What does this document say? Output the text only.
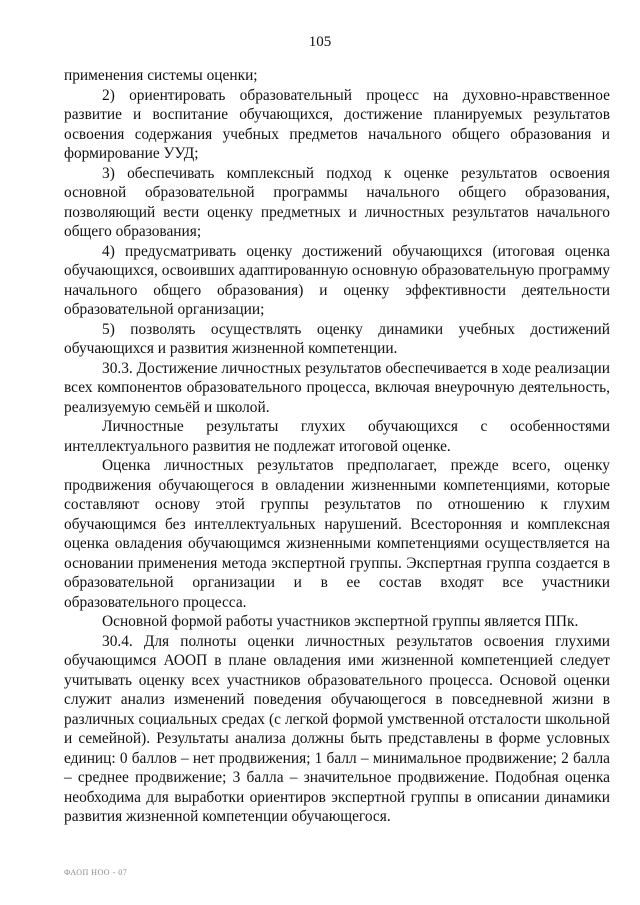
105

применения системы оценки;

2) ориентировать образовательный процесс на духовно-нравственное развитие и воспитание обучающихся, достижение планируемых результатов освоения содержания учебных предметов начального общего образования и формирование УУД;

3) обеспечивать комплексный подход к оценке результатов освоения основной образовательной программы начального общего образования, позволяющий вести оценку предметных и личностных результатов начального общего образования;

4) предусматривать оценку достижений обучающихся (итоговая оценка обучающихся, освоивших адаптированную основную образовательную программу начального общего образования) и оценку эффективности деятельности образовательной организации;

5) позволять осуществлять оценку динамики учебных достижений обучающихся и развития жизненной компетенции.

30.3. Достижение личностных результатов обеспечивается в ходе реализации всех компонентов образовательного процесса, включая внеурочную деятельность, реализуемую семьёй и школой.

Личностные результаты глухих обучающихся с особенностями интеллектуального развития не подлежат итоговой оценке.

Оценка личностных результатов предполагает, прежде всего, оценку продвижения обучающегося в овладении жизненными компетенциями, которые составляют основу этой группы результатов по отношению к глухим обучающимся без интеллектуальных нарушений. Всесторонняя и комплексная оценка овладения обучающимся жизненными компетенциями осуществляется на основании применения метода экспертной группы. Экспертная группа создается в образовательной организации и в ее состав входят все участники образовательного процесса.

Основной формой работы участников экспертной группы является ППк.

30.4. Для полноты оценки личностных результатов освоения глухими обучающимся АООП в плане овладения ими жизненной компетенцией следует учитывать оценку всех участников образовательного процесса. Основой оценки служит анализ изменений поведения обучающегося в повседневной жизни в различных социальных средах (с легкой формой умственной отсталости школьной и семейной). Результаты анализа должны быть представлены в форме условных единиц: 0 баллов – нет продвижения; 1 балл – минимальное продвижение; 2 балла – среднее продвижение; 3 балла – значительное продвижение. Подобная оценка необходима для выработки ориентиров экспертной группы в описании динамики развития жизненной компетенции обучающегося.

ФАОП НОО - 07
